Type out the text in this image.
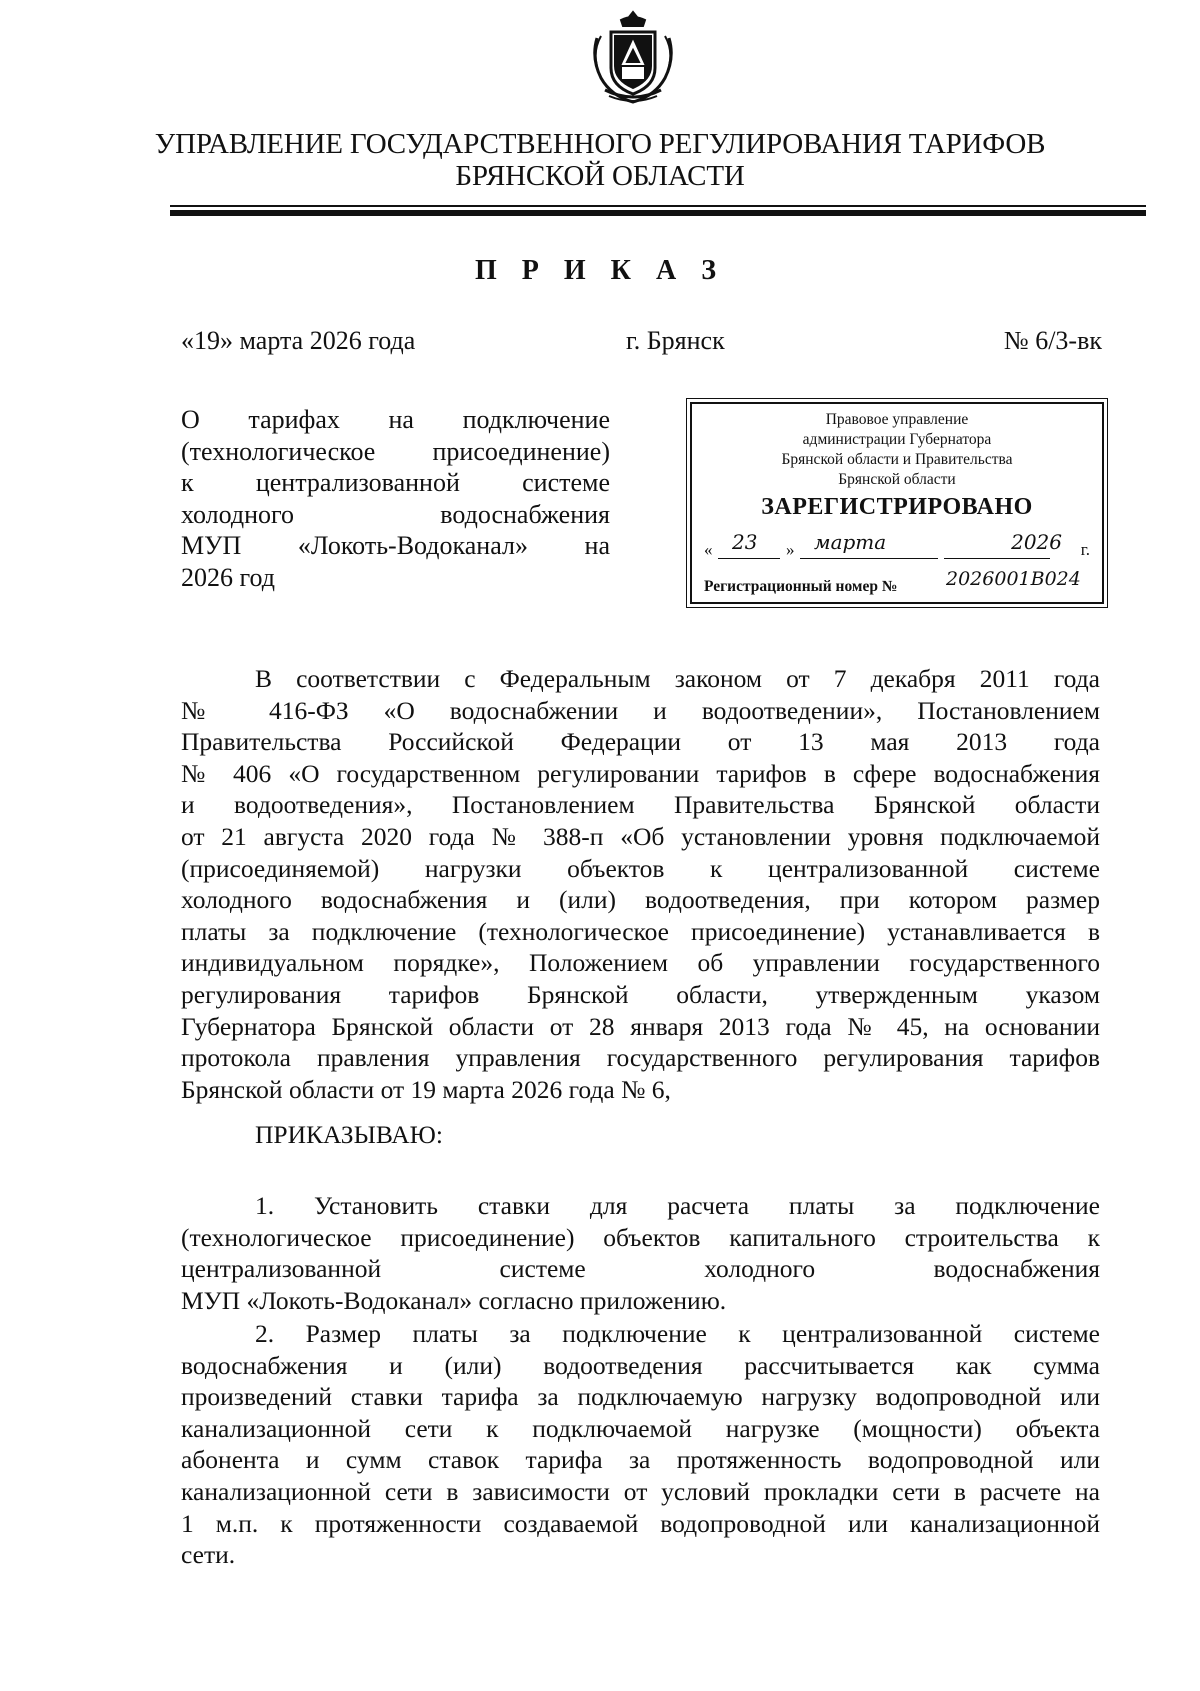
УПРАВЛЕНИЕ ГОСУДАРСТВЕННОГО РЕГУЛИРОВАНИЯ ТАРИФОВ
БРЯНСКОЙ ОБЛАСТИ
П Р И К А З
«19» марта 2026 года	г. Брянск	№ 6/3-вк
О тарифах на подключение
(технологическое присоединение)
к централизованной системе
холодного водоснабжения
МУП «Локоть-Водоканал» на
2026 год
Правовое управление
администрации Губернатора
Брянской области и Правительства
Брянской области
ЗАРЕГИСТРИРОВАНО
« 23 » марта	2026 г.
Регистрационный номер №	2026001В024
В соответствии с Федеральным законом от 7 декабря 2011 года
№ 416-ФЗ «О водоснабжении и водоотведении», Постановлением
Правительства Российской Федерации от 13 мая 2013 года
№ 406 «О государственном регулировании тарифов в сфере водоснабжения
и водоотведения», Постановлением Правительства Брянской области
от 21 августа 2020 года № 388-п «Об установлении уровня подключаемой
(присоединяемой) нагрузки объектов к централизованной системе
холодного водоснабжения и (или) водоотведения, при котором размер
платы за подключение (технологическое присоединение) устанавливается в
индивидуальном порядке», Положением об управлении государственного
регулирования тарифов Брянской области, утвержденным указом
Губернатора Брянской области от 28 января 2013 года № 45, на основании
протокола правления управления государственного регулирования тарифов
Брянской области от 19 марта 2026 года № 6,
ПРИКАЗЫВАЮ:
1. Установить ставки для расчета платы за подключение
(технологическое присоединение) объектов капитального строительства к
централизованной системе холодного водоснабжения
МУП «Локоть-Водоканал» согласно приложению.
2. Размер платы за подключение к централизованной системе
водоснабжения и (или) водоотведения рассчитывается как сумма
произведений ставки тарифа за подключаемую нагрузку водопроводной или
канализационной сети к подключаемой нагрузке (мощности) объекта
абонента и сумм ставок тарифа за протяженность водопроводной или
канализационной сети в зависимости от условий прокладки сети в расчете на
1 м.п. к протяженности создаваемой водопроводной или канализационной
сети.
